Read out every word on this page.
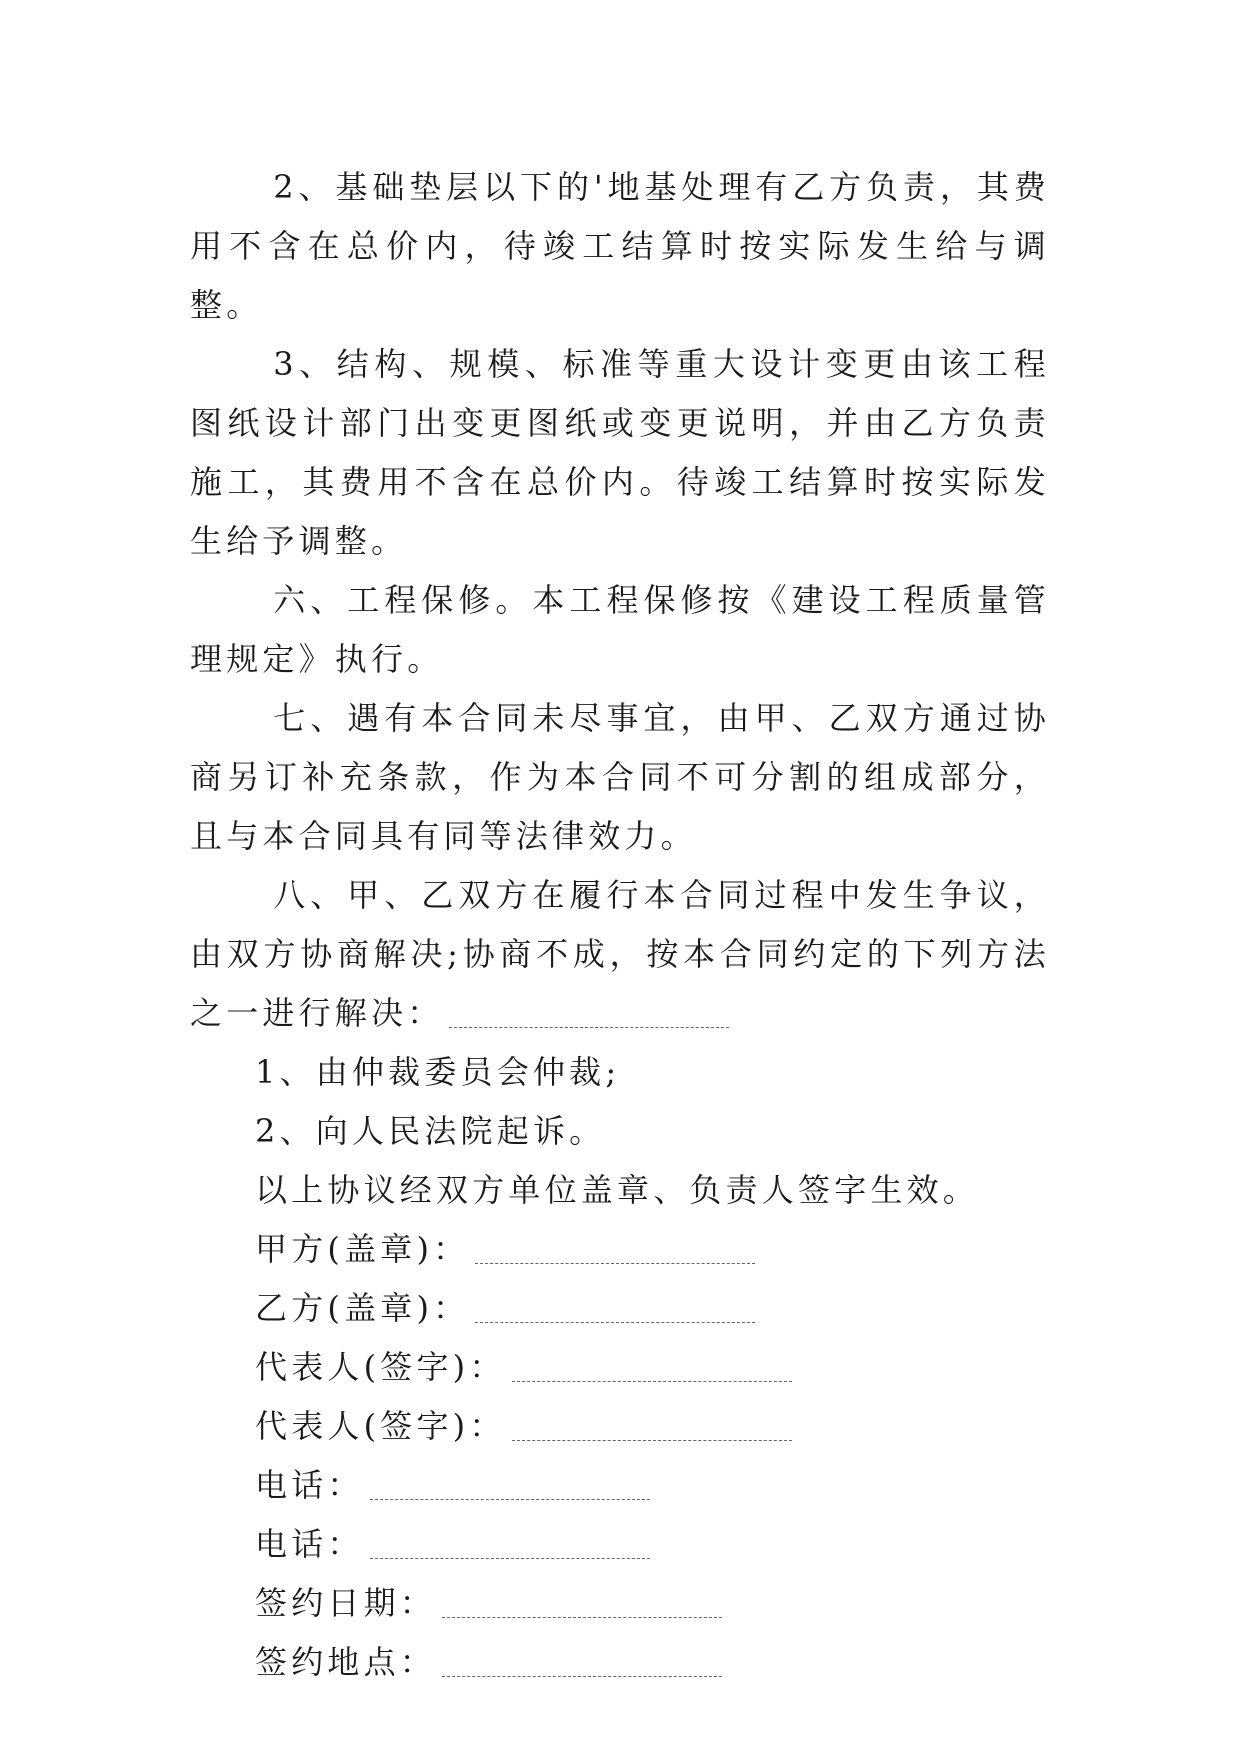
2、基础垫层以下的'地基处理有乙方负责，其费用不含在总价内，待竣工结算时按实际发生给与调整。

3、结构、规模、标准等重大设计变更由该工程图纸设计部门出变更图纸或变更说明，并由乙方负责施工，其费用不含在总价内。待竣工结算时按实际发生给予调整。

六、工程保修。本工程保修按《建设工程质量管理规定》执行。

七、遇有本合同未尽事宜，由甲、乙双方通过协商另订补充条款，作为本合同不可分割的组成部分，且与本合同具有同等法律效力。

八、甲、乙双方在履行本合同过程中发生争议，由双方协商解决;协商不成，按本合同约定的下列方法之一进行解决：

1、由仲裁委员会仲裁;

2、向人民法院起诉。

以上协议经双方单位盖章、负责人签字生效。

甲方(盖章)：

乙方(盖章)：

代表人(签字)：

代表人(签字)：

电话：

电话：

签约日期：

签约地点：
